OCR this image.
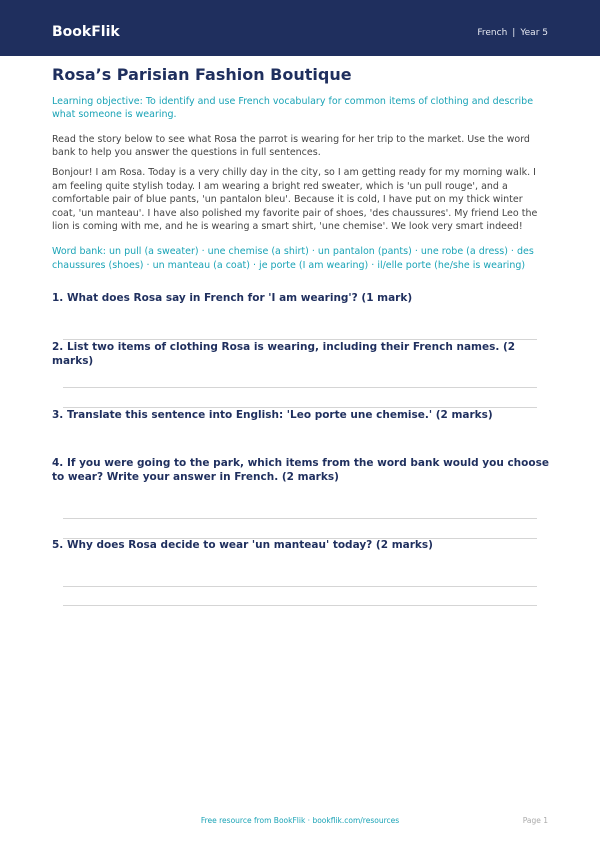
BookFlik	French | Year 5
Rosa’s Parisian Fashion Boutique
Learning objective: To identify and use French vocabulary for common items of clothing and describe what someone is wearing.
Read the story below to see what Rosa the parrot is wearing for her trip to the market. Use the word bank to help you answer the questions in full sentences.
Bonjour! I am Rosa. Today is a very chilly day in the city, so I am getting ready for my morning walk. I am feeling quite stylish today. I am wearing a bright red sweater, which is 'un pull rouge', and a comfortable pair of blue pants, 'un pantalon bleu'. Because it is cold, I have put on my thick winter coat, 'un manteau'. I have also polished my favorite pair of shoes, 'des chaussures'. My friend Leo the lion is coming with me, and he is wearing a smart shirt, 'une chemise'. We look very smart indeed!
Word bank: un pull (a sweater) · une chemise (a shirt) · un pantalon (pants) · une robe (a dress) · des chaussures (shoes) · un manteau (a coat) · je porte (I am wearing) · il/elle porte (he/she is wearing)
1. What does Rosa say in French for 'I am wearing'? (1 mark)
2. List two items of clothing Rosa is wearing, including their French names. (2 marks)
3. Translate this sentence into English: 'Leo porte une chemise.' (2 marks)
4. If you were going to the park, which items from the word bank would you choose to wear? Write your answer in French. (2 marks)
5. Why does Rosa decide to wear 'un manteau' today? (2 marks)
Free resource from BookFlik · bookflik.com/resources	Page 1
